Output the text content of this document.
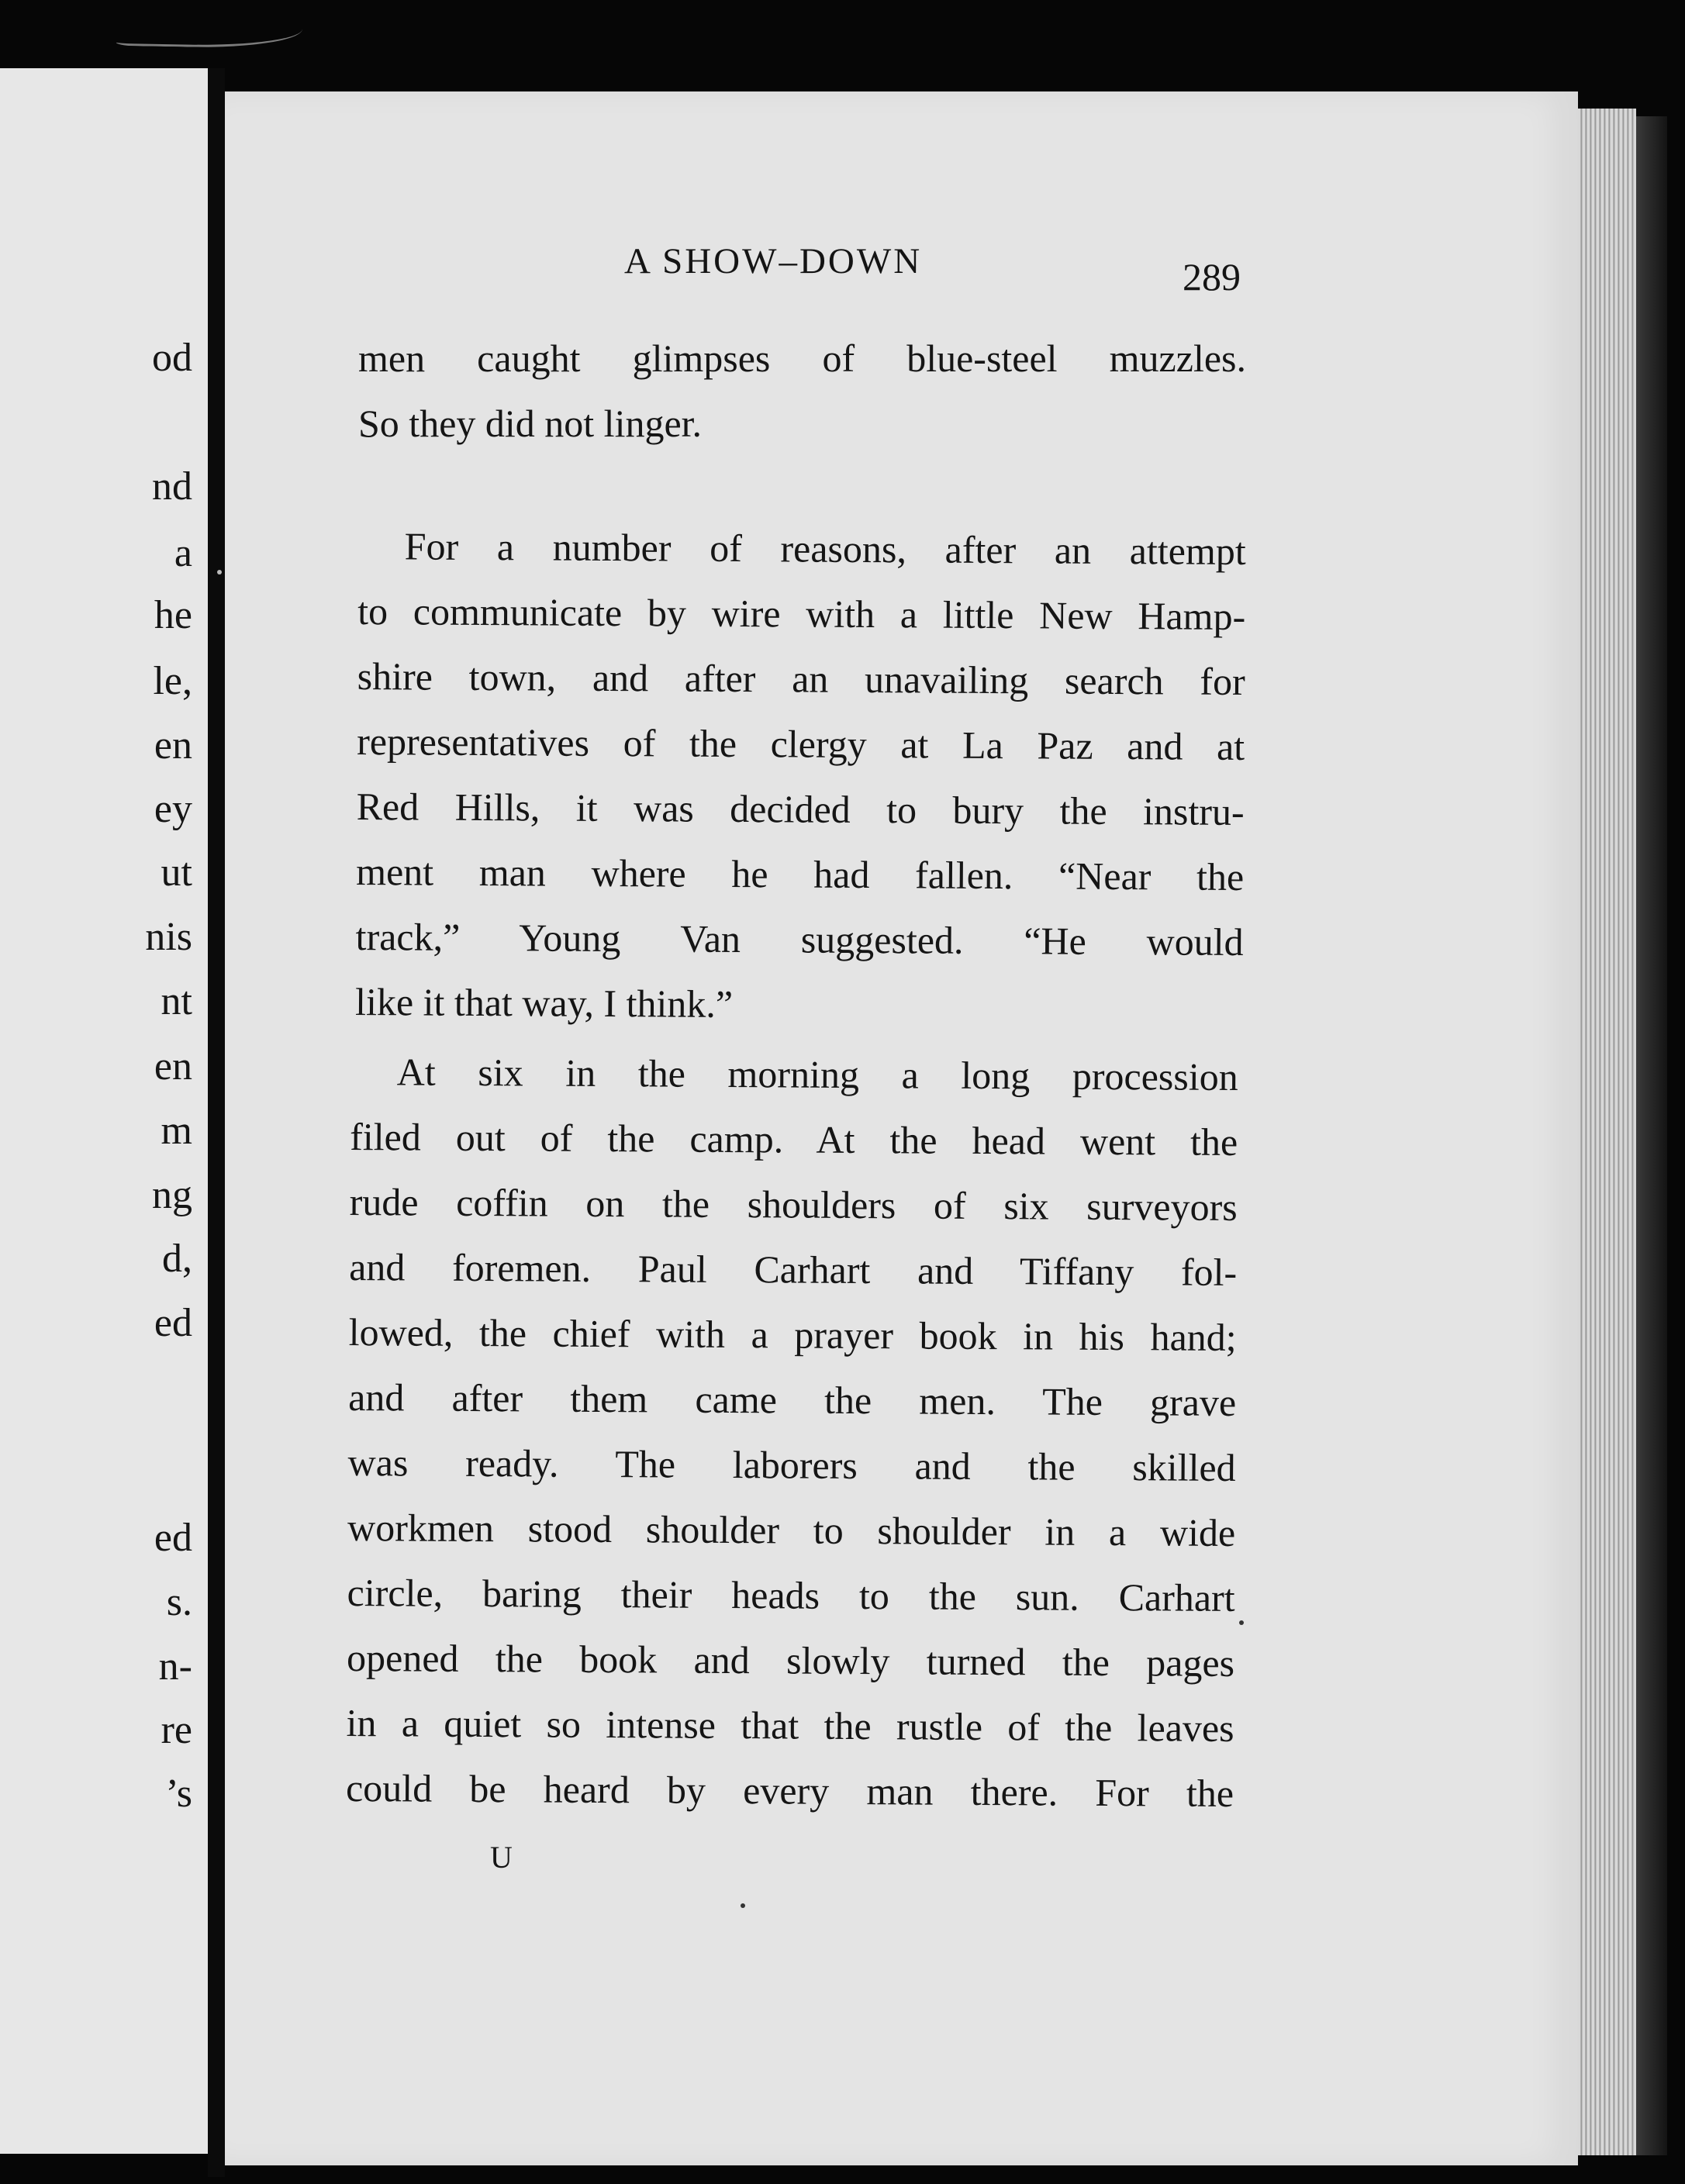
od
nd
a
he
le,
en
ey
ut
nis
nt
en
m
ng
d,
ed
ed
s.
n-
re
’s
A SHOW–DOWN	289
men caught glimpses of blue-steel muzzles.
So they did not linger.
For a number of reasons, after an attempt
to communicate by wire with a little New Hamp-
shire town, and after an unavailing search for
representatives of the clergy at La Paz and at
Red Hills, it was decided to bury the instru-
ment man where he had fallen. “Near the
track,” Young Van suggested. “He would
like it that way, I think.”
At six in the morning a long procession
filed out of the camp. At the head went the
rude coffin on the shoulders of six surveyors
and foremen. Paul Carhart and Tiffany fol-
lowed, the chief with a prayer book in his hand;
and after them came the men. The grave
was ready. The laborers and the skilled
workmen stood shoulder to shoulder in a wide
circle, baring their heads to the sun. Carhart
opened the book and slowly turned the pages
in a quiet so intense that the rustle of the leaves
could be heard by every man there. For the
U
